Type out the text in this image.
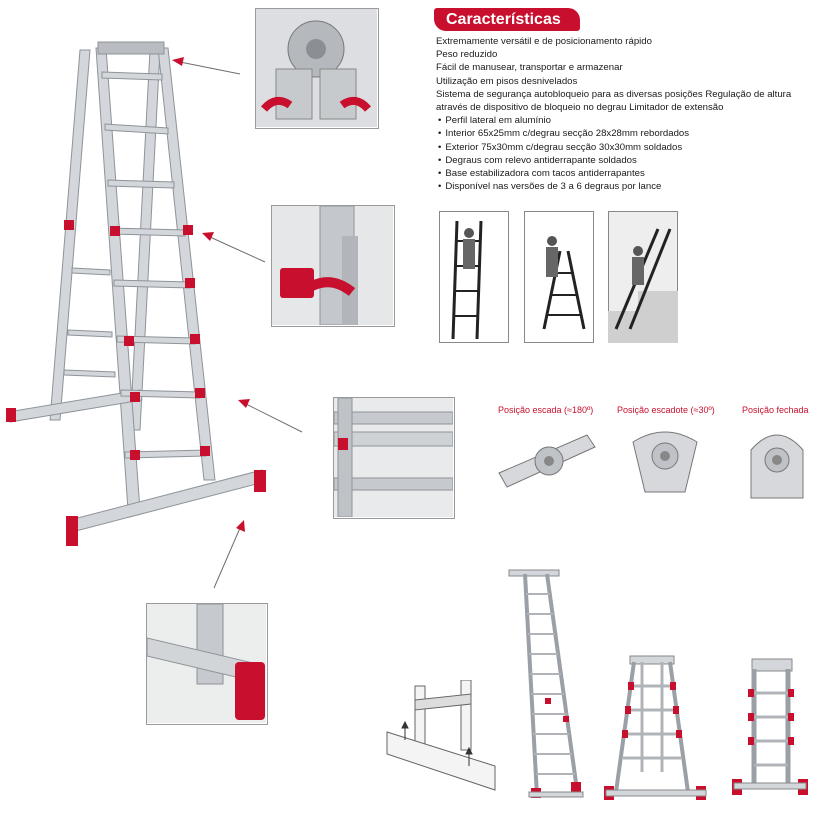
Características
Extremamente versátil e de posicionamento rápido
Peso reduzido
Fácil de manusear, transportar e armazenar
Utilização em pisos desnivelados
Sistema de segurança autobloqueio para as diversas posições Regulação de altura
através de dispositivo de bloqueio no degrau Limitador de extensão
• Perfil lateral em alumínio
• Interior 65x25mm c/degrau secção 28x28mm rebordados
• Exterior 75x30mm c/degrau secção 30x30mm soldados
• Degraus com relevo antiderrapante soldados
• Base estabilizadora com tacos antiderrapantes
• Disponível nas versões de 3 a 6 degraus por lance
Posição escada (≈180º)	Posição escadote (≈30º)	Posição fechada
